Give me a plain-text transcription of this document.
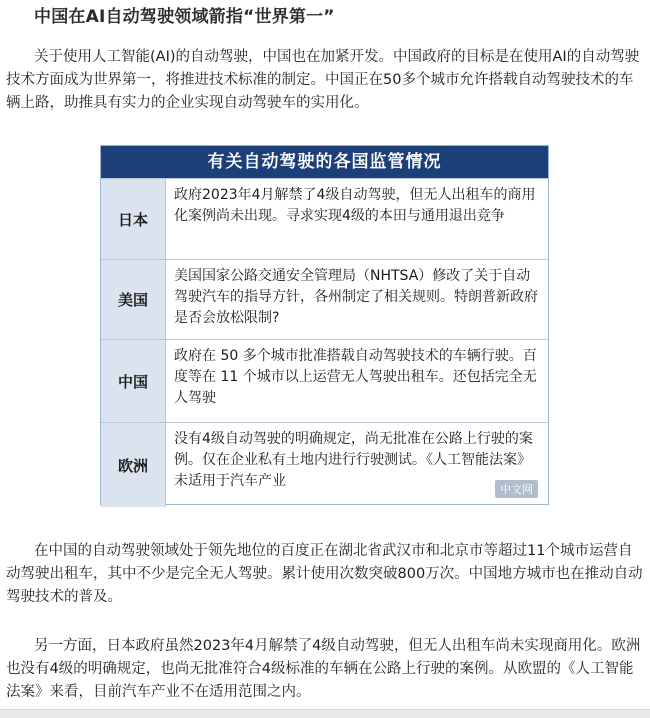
中国在AI自动驾驶领域箭指“世界第一”

关于使用人工智能(AI)的自动驾驶，中国也在加紧开发。中国政府的目标是在使用AI的自动驾驶技术方面成为世界第一，将推进技术标准的制定。中国正在50多个城市允许搭载自动驾驶技术的车辆上路，助推具有实力的企业实现自动驾驶车的实用化。

有关自动驾驶的各国监管情况
日本
政府2023年4月解禁了4级自动驾驶，但无人出租车的商用化案例尚未出现。寻求实现4级的本田与通用退出竞争
美国
美国国家公路交通安全管理局（NHTSA）修改了关于自动驾驶汽车的指导方针，各州制定了相关规则。特朗普新政府是否会放松限制?
中国
政府在 50 多个城市批准搭载自动驾驶技术的车辆行驶。百度等在 11 个城市以上运营无人驾驶出租车。还包括完全无人驾驶
欧洲
没有4级自动驾驶的明确规定，尚无批准在公路上行驶的案例。仅在企业私有土地内进行行驶测试。《人工智能法案》未适用于汽车产业
中文网

在中国的自动驾驶领域处于领先地位的百度正在湖北省武汉市和北京市等超过11个城市运营自动驾驶出租车，其中不少是完全无人驾驶。累计使用次数突破800万次。中国地方城市也在推动自动驾驶技术的普及。

另一方面，日本政府虽然2023年4月解禁了4级自动驾驶，但无人出租车尚未实现商用化。欧洲也没有4级的明确规定，也尚无批准符合4级标准的车辆在公路上行驶的案例。从欧盟的《人工智能法案》来看，目前汽车产业不在适用范围之内。
